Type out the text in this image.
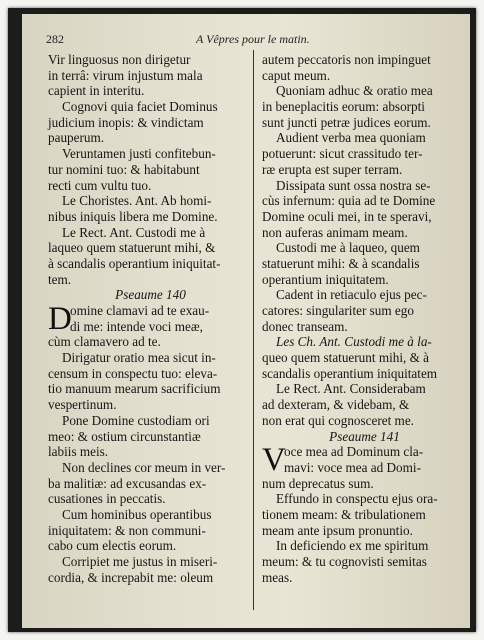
282	A Vêpres pour le matin.
Vir linguosus non dirigetur
in terrâ: virum injustum mala
capient in interitu.
Cognovi quia faciet Dominus
judicium inopis: & vindictam
pauperum.
Veruntamen justi confitebun-
tur nomini tuo: & habitabunt
recti cum vultu tuo.
Le Choristes. Ant. Ab homi-
nibus iniquis libera me Domine.
Le Rect. Ant. Custodi me à
laqueo quem statuerunt mihi, &
à scandalis operantium iniquitat-
tem.
Pseaume 140
D
omine clamavi ad te exau-
di me: intende voci meæ,
cùm clamavero ad te.
Dirigatur oratio mea sicut in-
censum in conspectu tuo: eleva-
tio manuum mearum sacrificium
vespertinum.
Pone Domine custodiam ori
meo: & ostium circunstantiæ
labiis meis.
Non declines cor meum in ver-
ba malitiæ: ad excusandas ex-
cusationes in peccatis.
Cum hominibus operantibus
iniquitatem: & non communi-
cabo cum electis eorum.
Corripiet me justus in miseri-
cordia, & increpabit me: oleum
autem peccatoris non impinguet
caput meum.
Quoniam adhuc & oratio mea
in beneplacitis eorum: absorpti
sunt juncti petræ judices eorum.
Audient verba mea quoniam
potuerunt: sicut crassitudo ter-
ræ erupta est super terram.
Dissipata sunt ossa nostra se-
cùs infernum: quia ad te Domine
Domine oculi mei, in te speravi,
non auferas animam meam.
Custodi me à laqueo, quem
statuerunt mihi: & à scandalis
operantium iniquitatem.
Cadent in retiaculo ejus pec-
catores: singulariter sum ego
donec transeam.
Les Ch. Ant. Custodi me à la-
queo quem statuerunt mihi, & à
scandalis operantium iniquitatem
Le Rect. Ant. Considerabam
ad dexteram, & videbam, &
non erat qui cognosceret me.
Pseaume 141
V
oce mea ad Dominum cla-
mavi: voce mea ad Domi-
num deprecatus sum.
Effundo in conspectu ejus ora-
tionem meam: & tribulationem
meam ante ipsum pronuntio.
In deficiendo ex me spiritum
meum: & tu cognovisti semitas
meas.
